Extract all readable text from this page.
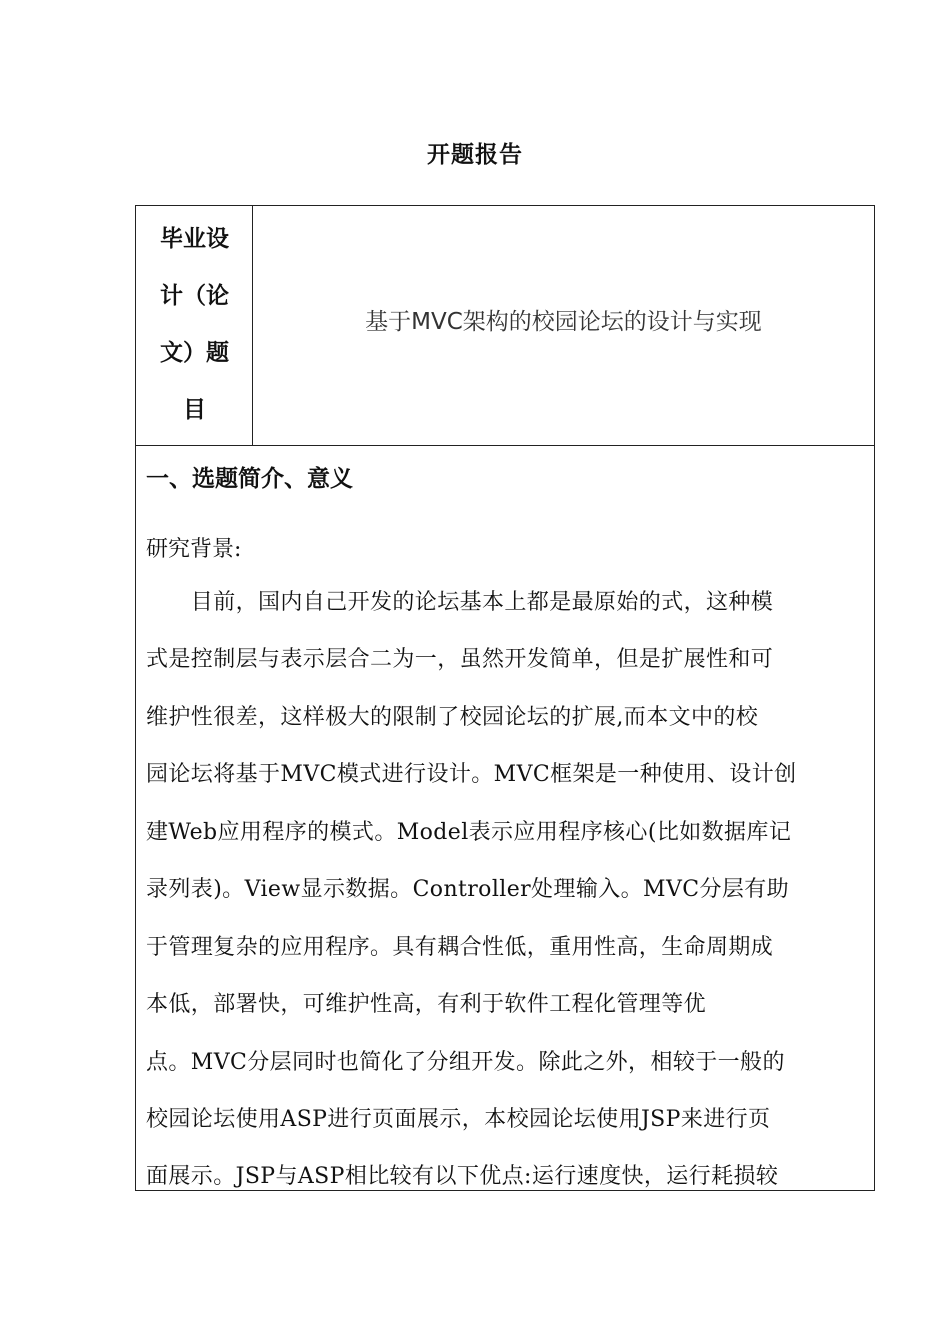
开题报告
毕业设
计（论
文）题
目
基于MVC架构的校园论坛的设计与实现
一、选题简介、意义
研究背景:
　　目前，国内自己开发的论坛基本上都是最原始的式，这种模
式是控制层与表示层合二为一，虽然开发简单，但是扩展性和可
维护性很差，这样极大的限制了校园论坛的扩展,而本文中的校
园论坛将基于MVC模式进行设计。MVC框架是一种使用、设计创
建Web应用程序的模式。Model表示应用程序核心(比如数据库记
录列表)。View显示数据。Controller处理输入。MVC分层有助
于管理复杂的应用程序。具有耦合性低，重用性高，生命周期成
本低，部署快，可维护性高，有利于软件工程化管理等优
点。MVC分层同时也简化了分组开发。除此之外，相较于一般的
校园论坛使用ASP进行页面展示，本校园论坛使用JSP来进行页
面展示。JSP与ASP相比较有以下优点:运行速度快，运行耗损较
